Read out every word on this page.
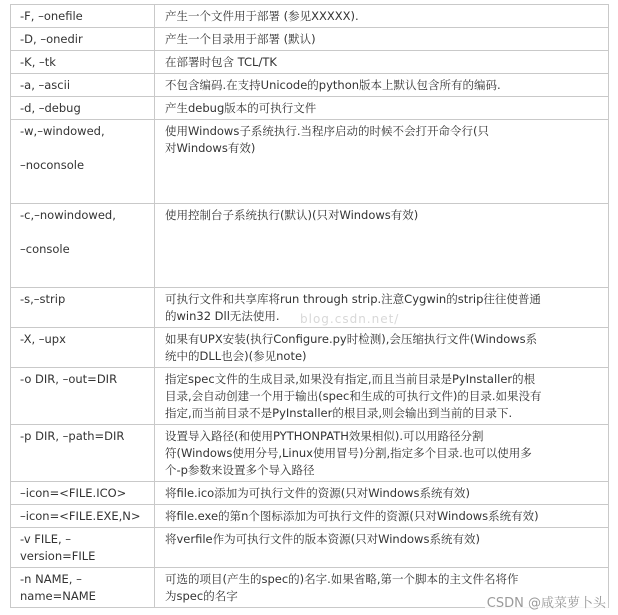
-F, –onefile	产生一个文件用于部署 (参见XXXXX).

-D, –onedir	产生一个目录用于部署 (默认)

-K, –tk	在部署时包含 TCL/TK

-a, –ascii	不包含编码.在支持Unicode的python版本上默认包含所有的编码.

-d, –debug	产生debug版本的可执行文件

-w,–windowed,
–noconsole	使用Windows子系统执行.当程序启动的时候不会打开命令行(只
对Windows有效)

-c,–nowindowed,
–console	使用控制台子系统执行(默认)(只对Windows有效)

-s,–strip	可执行文件和共享库将run through strip.注意Cygwin的strip往往使普通
的win32 Dll无法使用.

-X, –upx	如果有UPX安装(执行Configure.py时检测),会压缩执行文件(Windows系
统中的DLL也会)(参见note)

-o DIR, –out=DIR	指定spec文件的生成目录,如果没有指定,而且当前目录是PyInstaller的根
目录,会自动创建一个用于输出(spec和生成的可执行文件)的目录.如果没有
指定,而当前目录不是PyInstaller的根目录,则会输出到当前的目录下.

-p DIR, –path=DIR	设置导入路径(和使用PYTHONPATH效果相似).可以用路径分割
符(Windows使用分号,Linux使用冒号)分割,指定多个目录.也可以使用多
个-p参数来设置多个导入路径

–icon=<FILE.ICO>	将file.ico添加为可执行文件的资源(只对Windows系统有效)

–icon=<FILE.EXE,N>	将file.exe的第n个图标添加为可执行文件的资源(只对Windows系统有效)

-v FILE, –
version=FILE	将verfile作为可执行文件的版本资源(只对Windows系统有效)

-n NAME, –
name=NAME	可选的项目(产生的spec的)名字.如果省略,第一个脚本的主文件名将作
为spec的名字
blog.csdn.net/
CSDN @咸菜萝卜头
